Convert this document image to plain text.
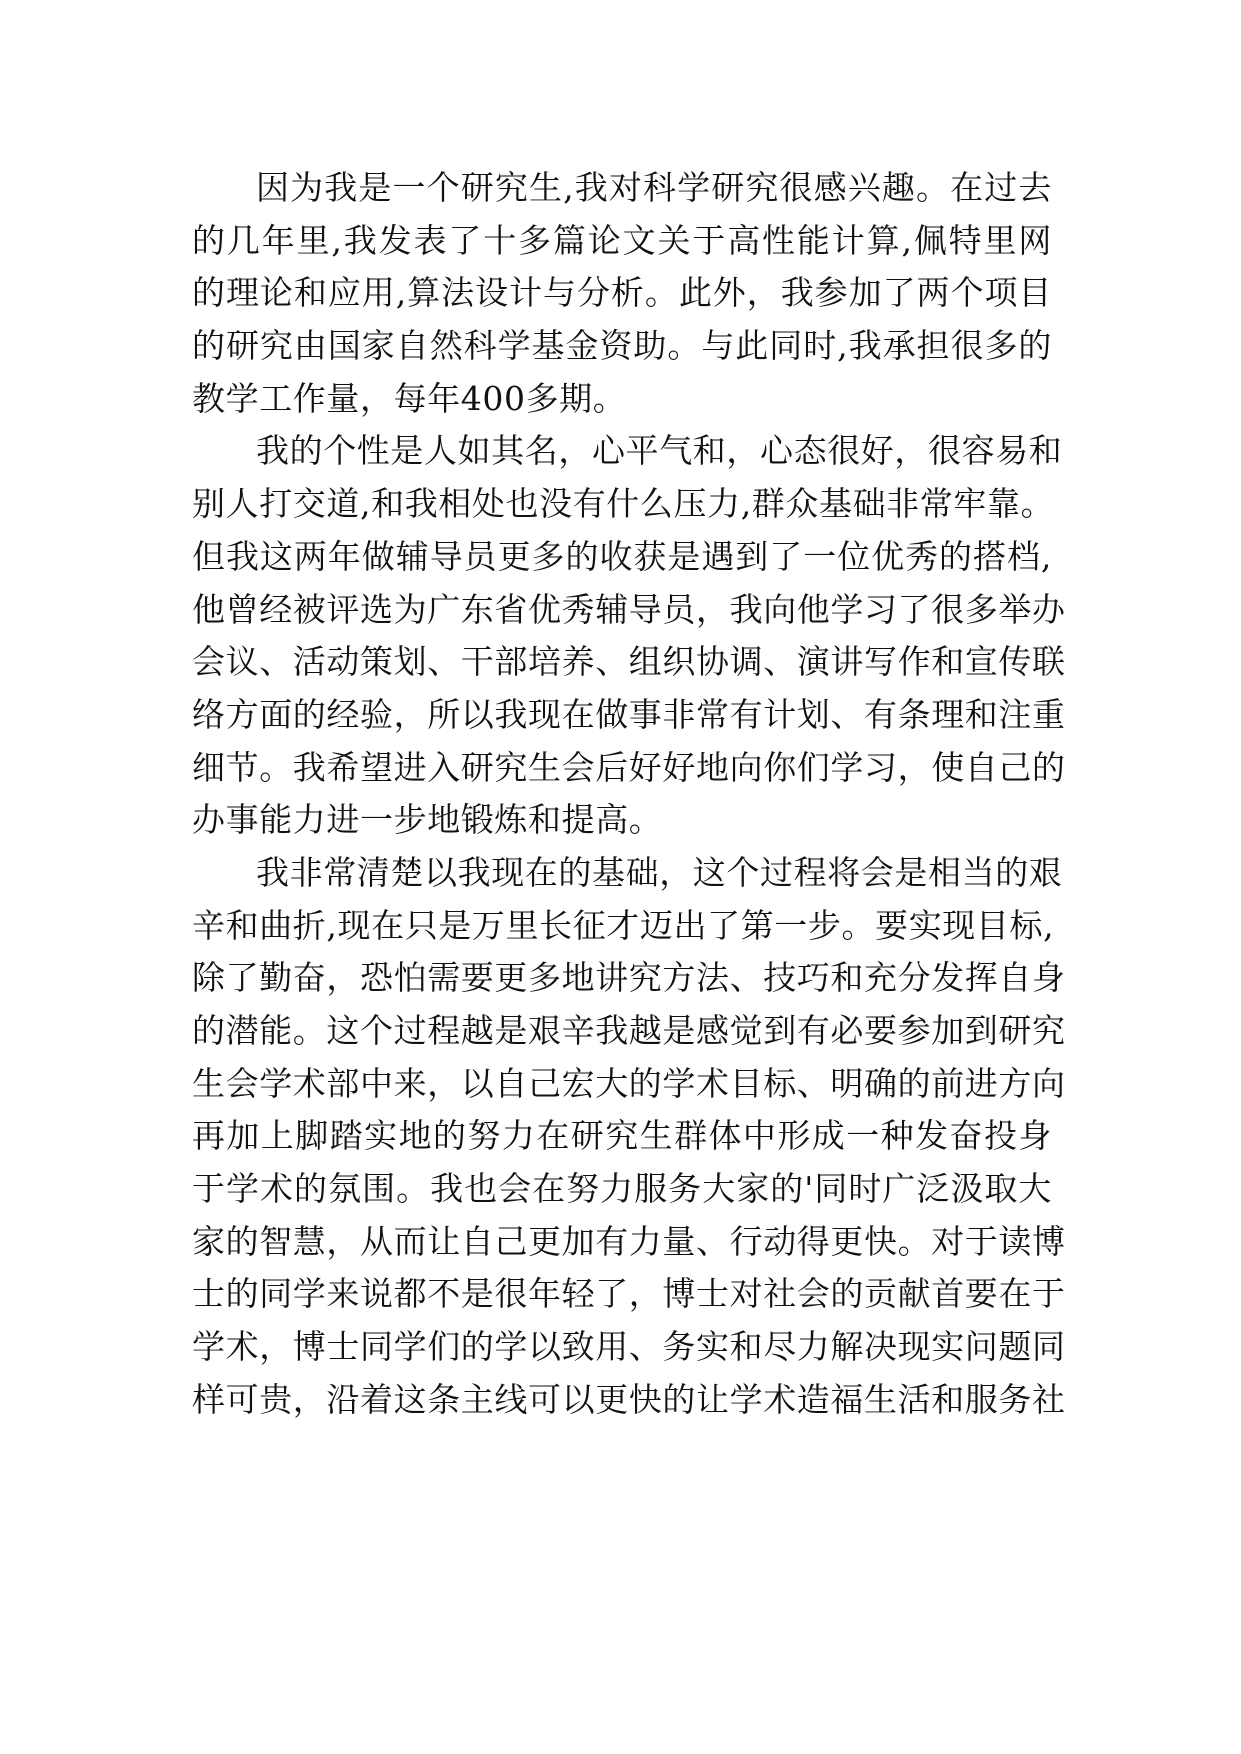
因为我是一个研究生,我对科学研究很感兴趣。在过去
的几年里,我发表了十多篇论文关于高性能计算,佩特里网
的理论和应用,算法设计与分析。此外，我参加了两个项目
的研究由国家自然科学基金资助。与此同时,我承担很多的
教学工作量，每年400多期。
我的个性是人如其名，心平气和，心态很好，很容易和
别人打交道,和我相处也没有什么压力,群众基础非常牢靠。
但我这两年做辅导员更多的收获是遇到了一位优秀的搭档,
他曾经被评选为广东省优秀辅导员，我向他学习了很多举办
会议、活动策划、干部培养、组织协调、演讲写作和宣传联
络方面的经验，所以我现在做事非常有计划、有条理和注重
细节。我希望进入研究生会后好好地向你们学习，使自己的
办事能力进一步地锻炼和提高。
我非常清楚以我现在的基础，这个过程将会是相当的艰
辛和曲折,现在只是万里长征才迈出了第一步。要实现目标,
除了勤奋，恐怕需要更多地讲究方法、技巧和充分发挥自身
的潜能。这个过程越是艰辛我越是感觉到有必要参加到研究
生会学术部中来，以自己宏大的学术目标、明确的前进方向
再加上脚踏实地的努力在研究生群体中形成一种发奋投身
于学术的氛围。我也会在努力服务大家的'同时广泛汲取大
家的智慧，从而让自己更加有力量、行动得更快。对于读博
士的同学来说都不是很年轻了，博士对社会的贡献首要在于
学术，博士同学们的学以致用、务实和尽力解决现实问题同
样可贵，沿着这条主线可以更快的让学术造福生活和服务社
